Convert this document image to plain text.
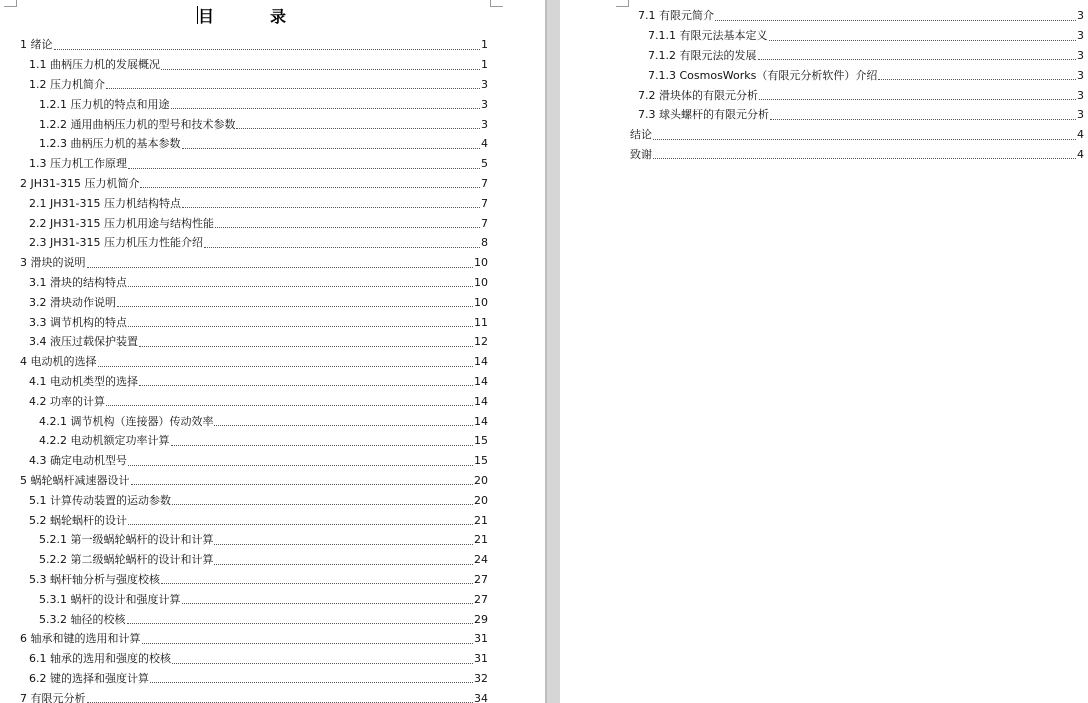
目	录
1 绪论	1
1.1 曲柄压力机的发展概况	1
1.2 压力机简介	3
1.2.1 压力机的特点和用途	3
1.2.2 通用曲柄压力机的型号和技术参数	3
1.2.3 曲柄压力机的基本参数	4
1.3 压力机工作原理	5
2 JH31-315 压力机简介	7
2.1 JH31-315 压力机结构特点	7
2.2 JH31-315 压力机用途与结构性能	7
2.3 JH31-315 压力机压力性能介绍	8
3 滑块的说明	10
3.1 滑块的结构特点	10
3.2 滑块动作说明	10
3.3 调节机构的特点	11
3.4 液压过载保护装置	12
4 电动机的选择	14
4.1 电动机类型的选择	14
4.2 功率的计算	14
4.2.1 调节机构（连接器）传动效率	14
4.2.2 电动机额定功率计算	15
4.3 确定电动机型号	15
5 蜗轮蜗杆减速器设计	20
5.1 计算传动装置的运动参数	20
5.2 蜗轮蜗杆的设计	21
5.2.1 第一级蜗轮蜗杆的设计和计算	21
5.2.2 第二级蜗轮蜗杆的设计和计算	24
5.3 蜗杆轴分析与强度校核	27
5.3.1 蜗杆的设计和强度计算	27
5.3.2 轴径的校核	29
6 轴承和键的选用和计算	31
6.1 轴承的选用和强度的校核	31
6.2 键的选择和强度计算	32
7 有限元分析	34
7.1 有限元简介	3
7.1.1 有限元法基本定义	3
7.1.2 有限元法的发展	3
7.1.3 CosmosWorks（有限元分析软件）介绍	3
7.2 滑块体的有限元分析	3
7.3 球头螺杆的有限元分析	3
结论	4
致谢	4
